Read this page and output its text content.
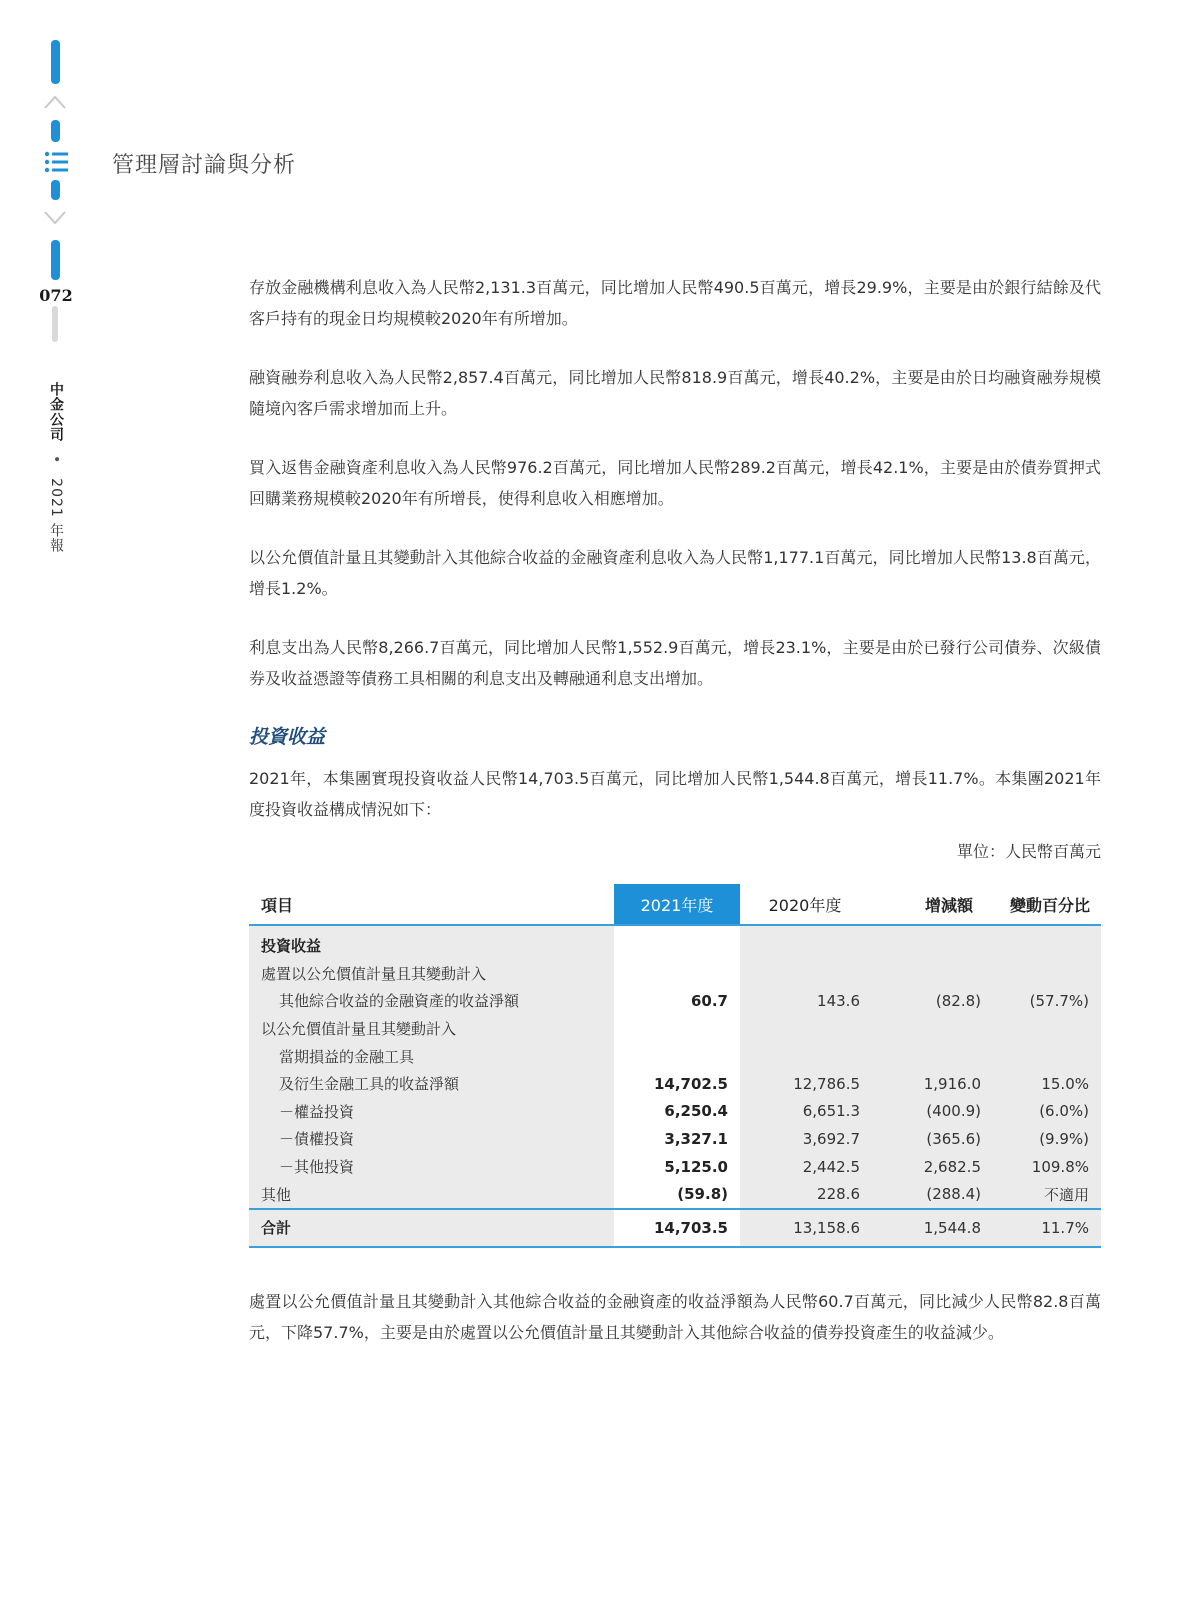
072
中金公司 • 2021 年報
管理層討論與分析

存放金融機構利息收入為人民幣2,131.3百萬元，同比增加人民幣490.5百萬元，增長29.9%，主要是由於銀行結餘及代客戶持有的現金日均規模較2020年有所增加。

融資融券利息收入為人民幣2,857.4百萬元，同比增加人民幣818.9百萬元，增長40.2%，主要是由於日均融資融券規模隨境內客戶需求增加而上升。

買入返售金融資產利息收入為人民幣976.2百萬元，同比增加人民幣289.2百萬元，增長42.1%，主要是由於債券質押式回購業務規模較2020年有所增長，使得利息收入相應增加。

以公允價值計量且其變動計入其他綜合收益的金融資產利息收入為人民幣1,177.1百萬元，同比增加人民幣13.8百萬元，增長1.2%。

利息支出為人民幣8,266.7百萬元，同比增加人民幣1,552.9百萬元，增長23.1%，主要是由於已發行公司債券、次級債券及收益憑證等債務工具相關的利息支出及轉融通利息支出增加。

投資收益

2021年，本集團實現投資收益人民幣14,703.5百萬元，同比增加人民幣1,544.8百萬元，增長11.7%。本集團2021年度投資收益構成情況如下：

單位：人民幣百萬元
項目	2021年度	2020年度	增減額	變動百分比
投資收益				
處置以公允價值計量且其變動計入				
其他綜合收益的金融資產的收益淨額	60.7	143.6	(82.8)	(57.7%)
以公允價值計量且其變動計入				
當期損益的金融工具				
及衍生金融工具的收益淨額	14,702.5	12,786.5	1,916.0	15.0%
－權益投資	6,250.4	6,651.3	(400.9)	(6.0%)
－債權投資	3,327.1	3,692.7	(365.6)	(9.9%)
－其他投資	5,125.0	2,442.5	2,682.5	109.8%
其他	(59.8)	228.6	(288.4)	不適用
合計	14,703.5	13,158.6	1,544.8	11.7%

處置以公允價值計量且其變動計入其他綜合收益的金融資產的收益淨額為人民幣60.7百萬元，同比減少人民幣82.8百萬元，下降57.7%，主要是由於處置以公允價值計量且其變動計入其他綜合收益的債券投資產生的收益減少。
